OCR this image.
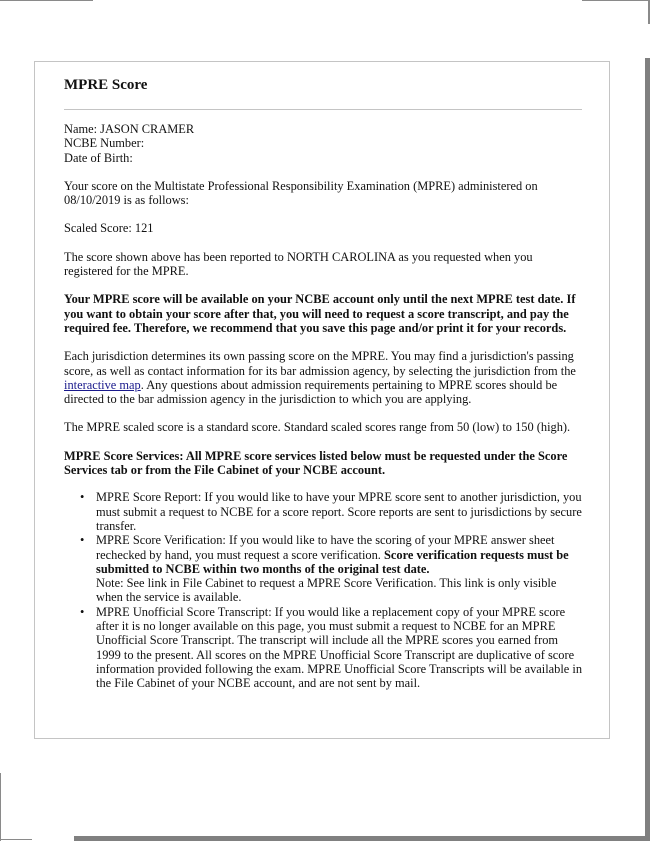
MPRE Score

Name: JASON CRAMER
NCBE Number:
Date of Birth:

Your score on the Multistate Professional Responsibility Examination (MPRE) administered on 08/10/2019 is as follows:

Scaled Score: 121

The score shown above has been reported to NORTH CAROLINA as you requested when you registered for the MPRE.

Your MPRE score will be available on your NCBE account only until the next MPRE test date. If you want to obtain your score after that, you will need to request a score transcript, and pay the required fee. Therefore, we recommend that you save this page and/or print it for your records.

Each jurisdiction determines its own passing score on the MPRE. You may find a jurisdiction's passing score, as well as contact information for its bar admission agency, by selecting the jurisdiction from the interactive map. Any questions about admission requirements pertaining to MPRE scores should be directed to the bar admission agency in the jurisdiction to which you are applying.

The MPRE scaled score is a standard score. Standard scaled scores range from 50 (low) to 150 (high).

MPRE Score Services: All MPRE score services listed below must be requested under the Score Services tab or from the File Cabinet of your NCBE account.

• MPRE Score Report: If you would like to have your MPRE score sent to another jurisdiction, you must submit a request to NCBE for a score report. Score reports are sent to jurisdictions by secure transfer.
• MPRE Score Verification: If you would like to have the scoring of your MPRE answer sheet rechecked by hand, you must request a score verification. Score verification requests must be submitted to NCBE within two months of the original test date.
Note: See link in File Cabinet to request a MPRE Score Verification. This link is only visible when the service is available.
• MPRE Unofficial Score Transcript: If you would like a replacement copy of your MPRE score after it is no longer available on this page, you must submit a request to NCBE for an MPRE Unofficial Score Transcript. The transcript will include all the MPRE scores you earned from 1999 to the present. All scores on the MPRE Unofficial Score Transcript are duplicative of score information provided following the exam. MPRE Unofficial Score Transcripts will be available in the File Cabinet of your NCBE account, and are not sent by mail.
